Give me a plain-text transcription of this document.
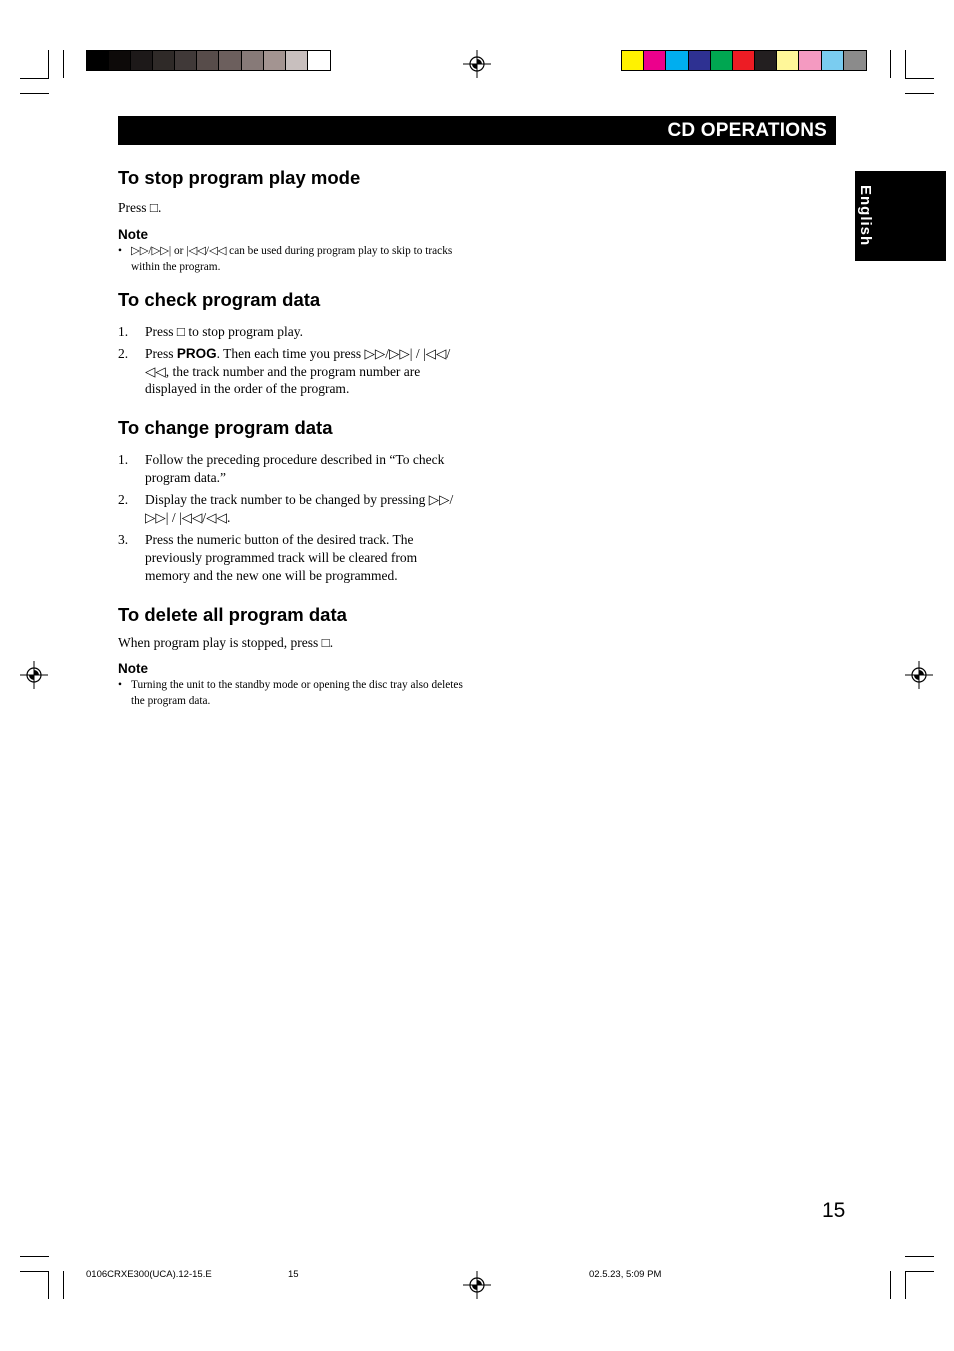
CD OPERATIONS
English
To stop program play mode

Press □.

Note

• ▷▷/▷▷| or |◁◁/◁◁ can be used during program play to skip to tracks within the program.

To check program data
1. Press □ to stop program play.
2. Press PROG. Then each time you press ▷▷/▷▷| / |◁◁/◁◁, the track number and the program number are displayed in the order of the program.
To change program data
1. Follow the preceding procedure described in “To check program data.”
2. Display the track number to be changed by pressing ▷▷/▷▷| / |◁◁/◁◁.
3. Press the numeric button of the desired track. The previously programmed track will be cleared from memory and the new one will be programmed.
To delete all program data

When program play is stopped, press □.

Note

• Turning the unit to the standby mode or opening the disc tray also deletes the program data.

15
0106CRXE300(UCA).12-15.E	15	02.5.23, 5:09 PM
